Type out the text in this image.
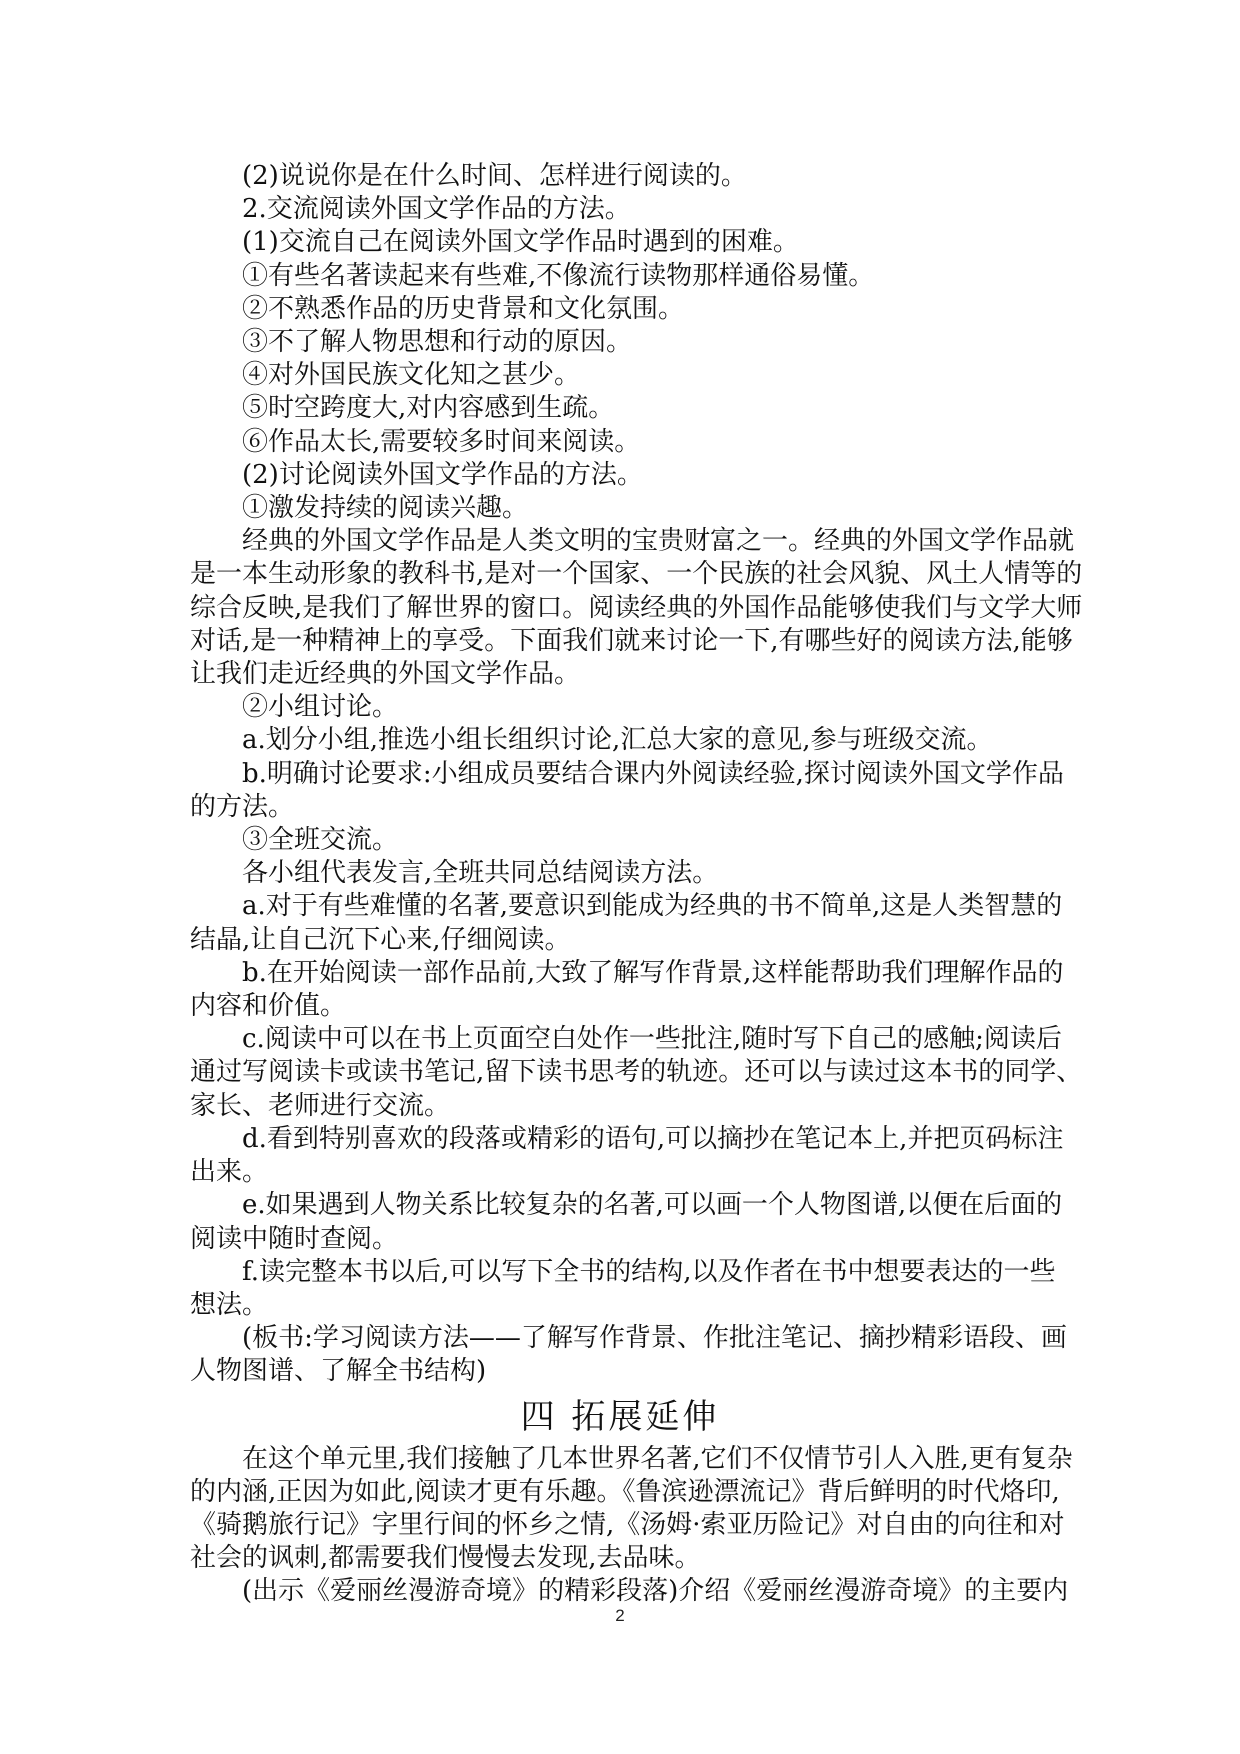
(2)说说你是在什么时间、怎样进行阅读的。
2.交流阅读外国文学作品的方法。
(1)交流自己在阅读外国文学作品时遇到的困难。
①有些名著读起来有些难,不像流行读物那样通俗易懂。
②不熟悉作品的历史背景和文化氛围。
③不了解人物思想和行动的原因。
④对外国民族文化知之甚少。
⑤时空跨度大,对内容感到生疏。
⑥作品太长,需要较多时间来阅读。
(2)讨论阅读外国文学作品的方法。
①激发持续的阅读兴趣。
经典的外国文学作品是人类文明的宝贵财富之一。经典的外国文学作品就
是一本生动形象的教科书,是对一个国家、一个民族的社会风貌、风土人情等的
综合反映,是我们了解世界的窗口。阅读经典的外国作品能够使我们与文学大师
对话,是一种精神上的享受。下面我们就来讨论一下,有哪些好的阅读方法,能够
让我们走近经典的外国文学作品。
②小组讨论。
a.划分小组,推选小组长组织讨论,汇总大家的意见,参与班级交流。
b.明确讨论要求:小组成员要结合课内外阅读经验,探讨阅读外国文学作品
的方法。
③全班交流。
各小组代表发言,全班共同总结阅读方法。
a.对于有些难懂的名著,要意识到能成为经典的书不简单,这是人类智慧的
结晶,让自己沉下心来,仔细阅读。
b.在开始阅读一部作品前,大致了解写作背景,这样能帮助我们理解作品的
内容和价值。
c.阅读中可以在书上页面空白处作一些批注,随时写下自己的感触;阅读后
通过写阅读卡或读书笔记,留下读书思考的轨迹。还可以与读过这本书的同学、
家长、老师进行交流。
d.看到特别喜欢的段落或精彩的语句,可以摘抄在笔记本上,并把页码标注
出来。
e.如果遇到人物关系比较复杂的名著,可以画一个人物图谱,以便在后面的
阅读中随时查阅。
f.读完整本书以后,可以写下全书的结构,以及作者在书中想要表达的一些
想法。
(板书:学习阅读方法——了解写作背景、作批注笔记、摘抄精彩语段、画
人物图谱、了解全书结构)
四 拓展延伸
在这个单元里,我们接触了几本世界名著,它们不仅情节引人入胜,更有复杂
的内涵,正因为如此,阅读才更有乐趣。《鲁滨逊漂流记》背后鲜明的时代烙印,
《骑鹅旅行记》字里行间的怀乡之情,《汤姆·索亚历险记》对自由的向往和对
社会的讽刺,都需要我们慢慢去发现,去品味。
(出示《爱丽丝漫游奇境》的精彩段落)介绍《爱丽丝漫游奇境》的主要内
2
